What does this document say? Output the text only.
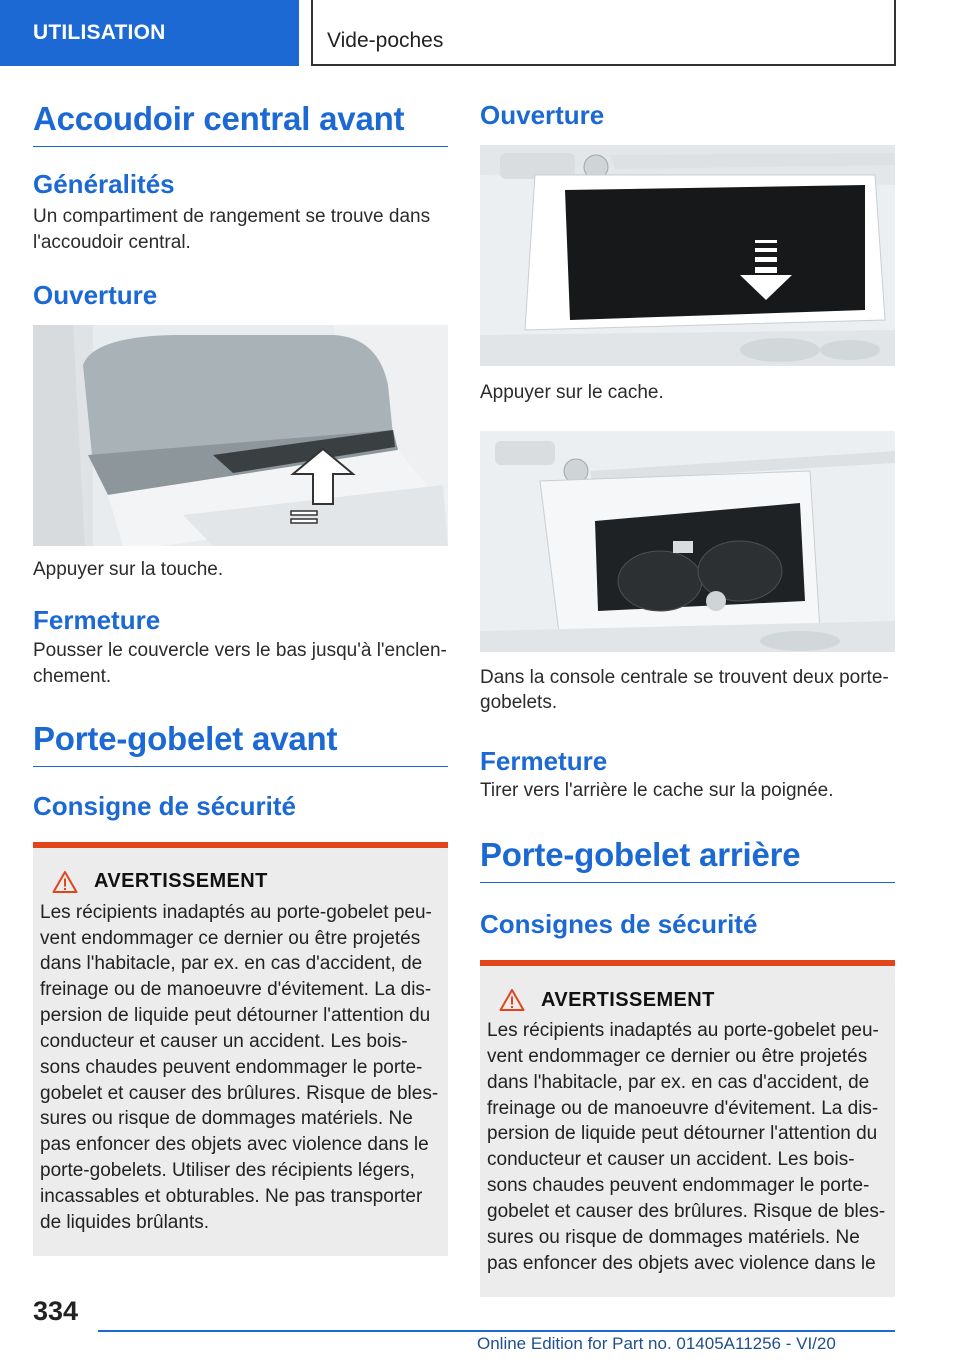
UTILISATION	Vide-poches
Accoudoir central avant
Généralités

Un compartiment de rangement se trouve dans l'accoudoir central.

Ouverture

Appuyer sur la touche.

Fermeture

Pousser le couvercle vers le bas jusqu'à l'enclen-chement.

Porte-gobelet avant
Consigne de sécurité
AVERTISSEMENT

Les récipients inadaptés au porte-gobelet peu-vent endommager ce dernier ou être projetés dans l'habitacle, par ex. en cas d'accident, de freinage ou de manoeuvre d'évitement. La dis-persion de liquide peut détourner l'attention du conducteur et causer un accident. Les bois-sons chaudes peuvent endommager le porte-gobelet et causer des brûlures. Risque de bles-sures ou risque de dommages matériels. Ne pas enfoncer des objets avec violence dans le porte-gobelets. Utiliser des récipients légers, incassables et obturables. Ne pas transporter de liquides brûlants.

Ouverture

Appuyer sur le cache.

Dans la console centrale se trouvent deux porte-gobelets.

Fermeture

Tirer vers l'arrière le cache sur la poignée.

Porte-gobelet arrière
Consignes de sécurité
AVERTISSEMENT

Les récipients inadaptés au porte-gobelet peu-vent endommager ce dernier ou être projetés dans l'habitacle, par ex. en cas d'accident, de freinage ou de manoeuvre d'évitement. La dis-persion de liquide peut détourner l'attention du conducteur et causer un accident. Les bois-sons chaudes peuvent endommager le porte-gobelet et causer des brûlures. Risque de bles-sures ou risque de dommages matériels. Ne pas enfoncer des objets avec violence dans le

334
Online Edition for Part no. 01405A11256 - VI/20
